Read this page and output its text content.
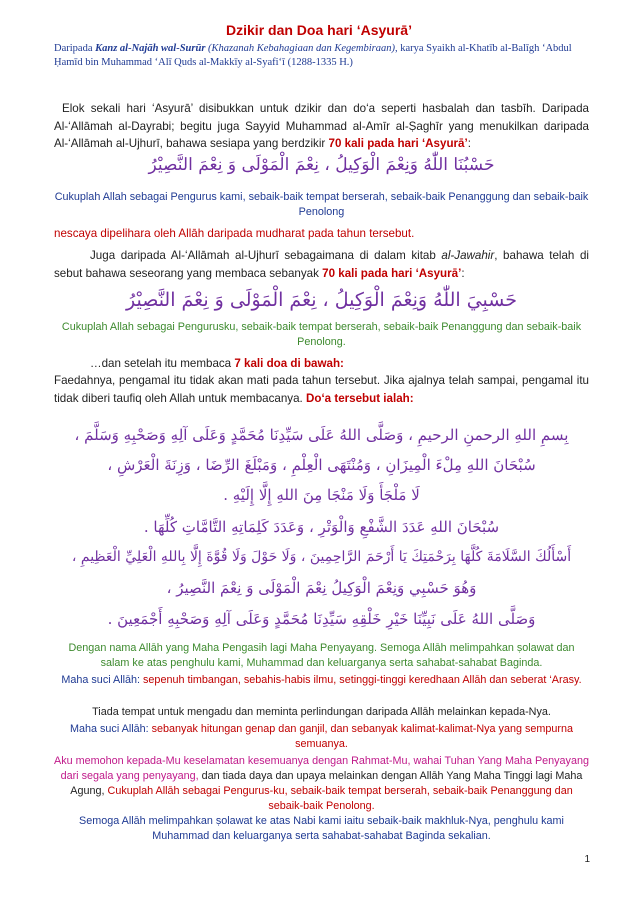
Dzikir dan Doa hari ‘Asyurā’
Daripada Kanz al-Najāh wal-Surūr (Khazanah Kebahagiaan dan Kegembiraan), karya Syaikh al-Khatīb al-Balīgh ‘Abdul Ḥamīd bin Muhammad ‘Alī Quds al-Makkīy al-Syafi‘ī (1288-1335 H.)
Elok sekali hari ‘Asyurā’ disibukkan untuk dzikir dan do‘a seperti hasbalah dan tasbīh. Daripada Al-‘Allāmah al-Dayrabi; begitu juga Sayyid Muhammad al-Amīr al-Ṣaghīr yang menukilkan daripada Al-‘Allāmah al-Ujhurī, bahawa sesiapa yang berdzikir 70 kali pada hari ‘Asyurā’:
حَسْبُنَا اللّٰهُ وَنِعْمَ الْوَكِيلُ ، نِعْمَ الْمَوْلَى وَ نِعْمَ النَّصِيْرُ
Cukuplah Allah sebagai Pengurus kami, sebaik-baik tempat berserah, sebaik-baik Penanggung dan sebaik-baik Penolong
nescaya dipelihara oleh Allāh daripada mudharat pada tahun tersebut.
Juga daripada Al-‘Allāmah al-Ujhurī sebagaimana di dalam kitab al-Jawahir, bahawa telah di sebut bahawa seseorang yang membaca sebanyak 70 kali pada hari ‘Asyurā’:
حَسْبِيَ اللّٰهُ وَنِعْمَ الْوَكِيلُ ، نِعْمَ الْمَوْلَى وَ نِعْمَ النَّصِيْرُ
Cukuplah Allah sebagai Pengurusku, sebaik-baik tempat berserah, sebaik-baik Penanggung dan sebaik-baik Penolong.
…dan setelah itu membaca 7 kali doa di bawah:
Faedahnya, pengamal itu tidak akan mati pada tahun tersebut. Jika ajalnya telah sampai, pengamal itu tidak diberi taufiq oleh Allah untuk membacanya. Do‘a tersebut ialah:
بِسمِ اللهِ الرحمنِ الرحيمِ ، وَصَلَّى اللهُ عَلَى سَيِّدِنَا مُحَمَّدٍ وَعَلَى آلِهِ وَصَحْبِهِ وَسَلَّمَ ،
سُبْحَانَ اللهِ مِلْءَ الْمِيزَانِ ، وَمُنْتَهَى الْعِلْمِ ، وَمَبْلَغَ الرِّضَا ، وَزِنَةَ الْعَرْشِ ،
لَا مَلْجَأَ وَلَا مَنْجَا مِنَ اللهِ إِلَّا إِلَيْهِ .
سُبْحَانَ اللهِ عَدَدَ الشَّفْعِ وَالْوَتْرِ ، وَعَدَدَ كَلِمَاتِهِ التَّامَّاتِ كُلِّهَا .
أَسْأَلُكَ السَّلَامَةَ كُلَّهَا بِرَحْمَتِكَ يَا أَرْحَمَ الرَّاحِمِينَ ، وَلَا حَوْلَ وَلَا قُوَّةَ إِلَّا بِاللهِ الْعَلِيِّ الْعَظِيمِ ،
وَهُوَ حَسْبِي وَنِعْمَ الْوَكِيلُ نِعْمَ الْمَوْلَى وَ نِعْمَ النَّصِيرُ ،
وَصَلَّى اللهُ عَلَى نَبِيِّنَا خَيْرِ خَلْقِهِ سَيِّدِنَا مُحَمَّدٍ وَعَلَى آلِهِ وَصَحْبِهِ أَجْمَعِينَ .
Dengan nama Allāh yang Maha Pengasih lagi Maha Penyayang. Semoga Allāh melimpahkan ṣolawat dan salam ke atas penghulu kami, Muhammad dan keluarganya serta sahabat-sahabat Baginda.
Maha suci Allāh: sepenuh timbangan, sebahis-habis ilmu, setinggi-tinggi keredhaan Allāh dan seberat ‘Arasy.
Tiada tempat untuk mengadu dan meminta perlindungan daripada Allāh melainkan kepada-Nya.
Maha suci Allāh: sebanyak hitungan genap dan ganjil, dan sebanyak kalimat-kalimat-Nya yang sempurna semuanya.
Aku memohon kepada-Mu keselamatan kesemuanya dengan Rahmat-Mu, wahai Tuhan Yang Maha Penyayang dari segala yang penyayang, dan tiada daya dan upaya melainkan dengan Allāh Yang Maha Tinggi lagi Maha Agung, Cukuplah Allāh sebagai Pengurus-ku, sebaik-baik tempat berserah, sebaik-baik Penanggung dan sebaik-baik Penolong.
Semoga Allāh melimpahkan ṣolawat ke atas Nabi kami iaitu sebaik-baik makhluk-Nya, penghulu kami Muhammad dan keluarganya serta sahabat-sahabat Baginda sekalian.
1
